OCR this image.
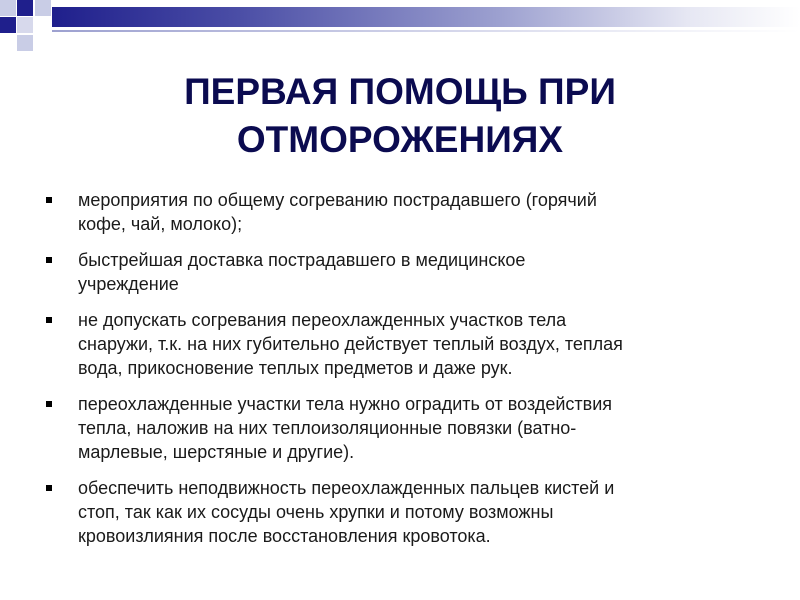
ПЕРВАЯ ПОМОЩЬ ПРИ
ОТМОРОЖЕНИЯХ
мероприятия по общему согреванию пострадавшего (горячий
кофе, чай, молоко);
быстрейшая доставка пострадавшего в медицинское
учреждение
не допускать согревания переохлажденных участков тела
снаружи, т.к. на них губительно действует теплый воздух, теплая
вода, прикосновение теплых предметов и даже рук.
переохлажденные участки тела нужно оградить от воздействия
тепла, наложив на них теплоизоляционные повязки (ватно-
марлевые, шерстяные и другие).
обеспечить неподвижность переохлажденных пальцев кистей и
стоп, так как их сосуды очень хрупки и потому возможны
кровоизлияния после восстановления кровотока.
